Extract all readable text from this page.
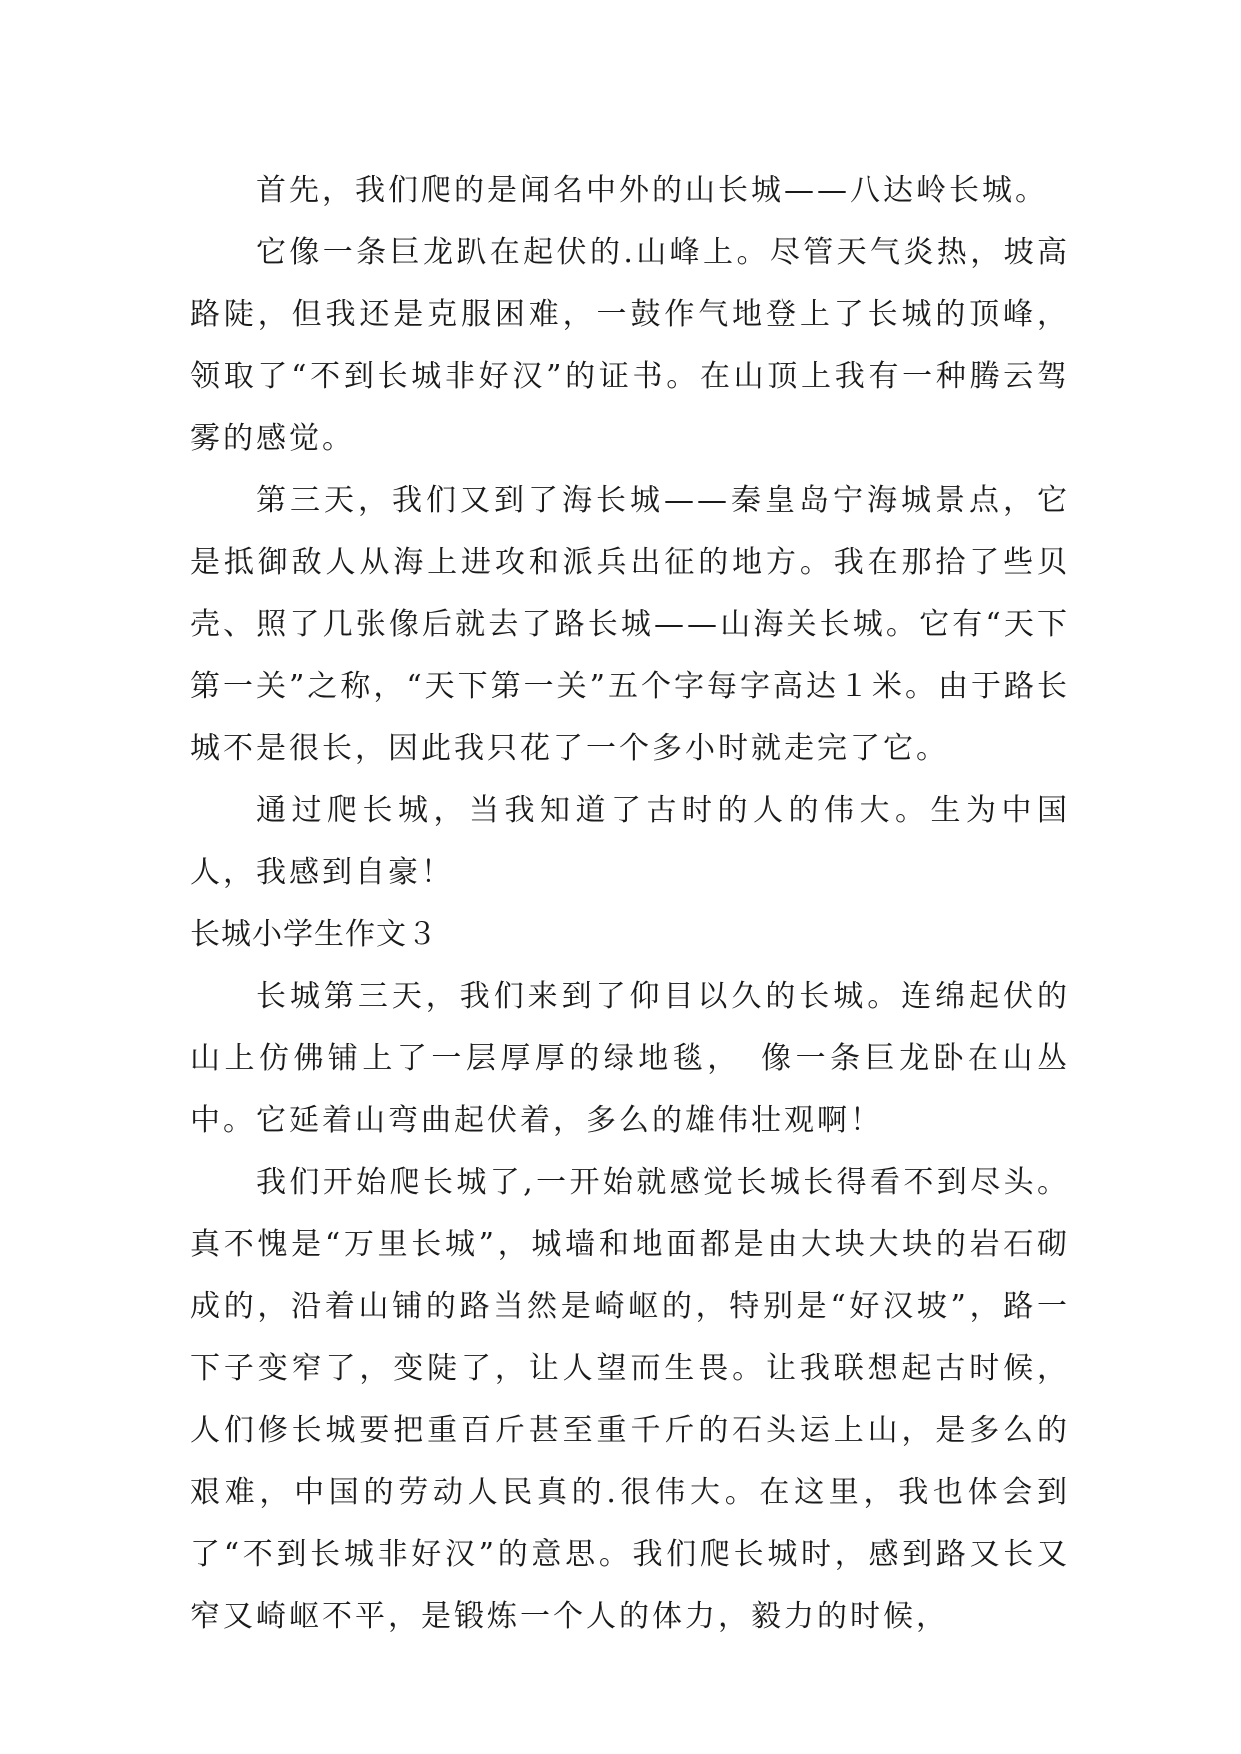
首先，我们爬的是闻名中外的山长城——八达岭长城。

它像一条巨龙趴在起伏的.山峰上。尽管天气炎热，坡高路陡，但我还是克服困难，一鼓作气地登上了长城的顶峰，领取了“不到长城非好汉”的证书。在山顶上我有一种腾云驾雾的感觉。

第三天，我们又到了海长城——秦皇岛宁海城景点，它是抵御敌人从海上进攻和派兵出征的地方。我在那拾了些贝壳、照了几张像后就去了路长城——山海关长城。它有“天下第一关”之称，“天下第一关”五个字每字高达１米。由于路长城不是很长，因此我只花了一个多小时就走完了它。

通过爬长城，当我知道了古时的人的伟大。生为中国人，我感到自豪！

长城小学生作文３

长城第三天，我们来到了仰目以久的长城。连绵起伏的山上仿佛铺上了一层厚厚的绿地毯，　像一条巨龙卧在山丛中。它延着山弯曲起伏着，多么的雄伟壮观啊！

我们开始爬长城了,一开始就感觉长城长得看不到尽头。真不愧是“万里长城”，城墙和地面都是由大块大块的岩石砌成的，沿着山铺的路当然是崎岖的，特别是“好汉坡”，路一下子变窄了，变陡了，让人望而生畏。让我联想起古时候，人们修长城要把重百斤甚至重千斤的石头运上山，是多么的艰难，中国的劳动人民真的.很伟大。在这里，我也体会到了“不到长城非好汉”的意思。我们爬长城时，感到路又长又窄又崎岖不平，是锻炼一个人的体力，毅力的时候，
